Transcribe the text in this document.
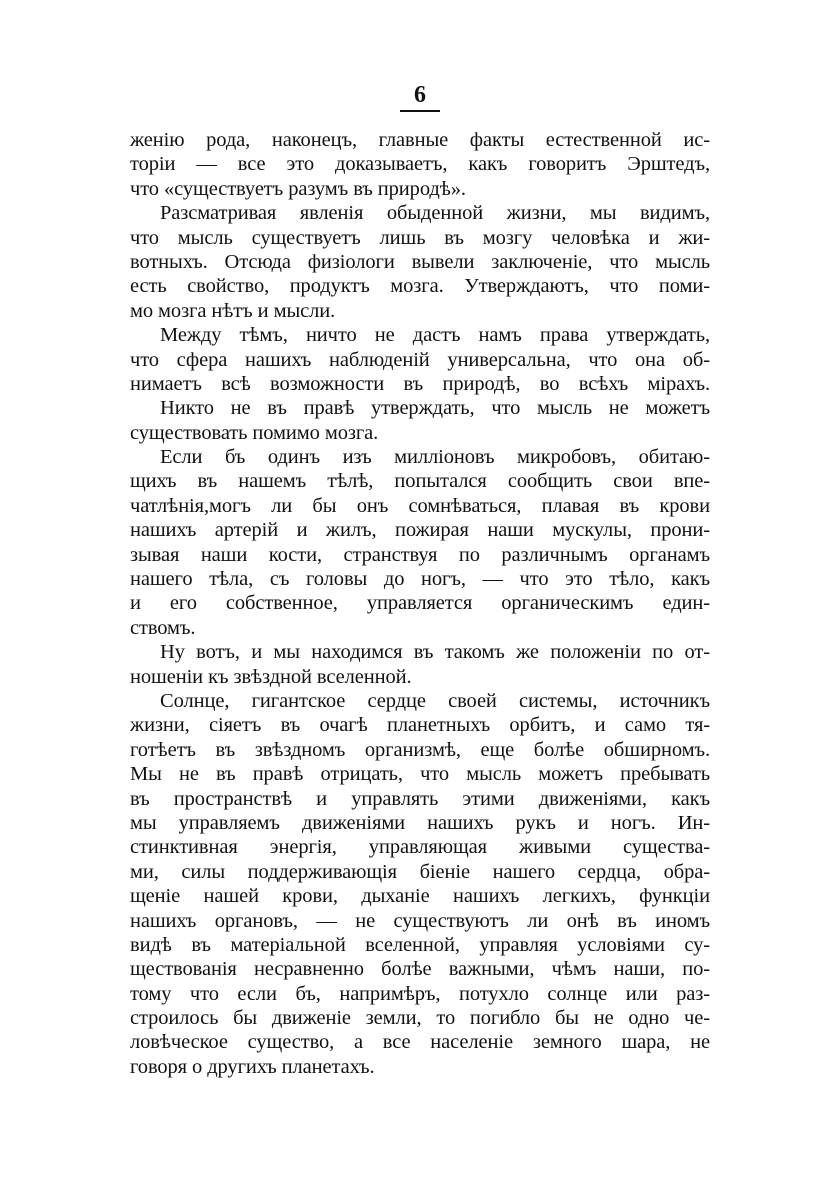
6
женію рода, наконецъ, главные факты естественной ис-
торіи — все это доказываетъ, какъ говоритъ Эрштедъ,
что «существуетъ разумъ въ природѣ».
Разсматривая явленія обыденной жизни, мы видимъ,
что мысль существуетъ лишь въ мозгу человѣка и жи-
вотныхъ. Отсюда физіологи вывели заключеніе, что мысль
есть свойство, продуктъ мозга. Утверждаютъ, что поми-
мо мозга нѣтъ и мысли.
Между тѣмъ, ничто не дастъ намъ права утверждать,
что сфера нашихъ наблюденій универсальна, что она об-
нимаетъ всѣ возможности въ природѣ, во всѣхъ мірахъ.
Никто не въ правѣ утверждать, что мысль не можетъ
существовать помимо мозга.
Если бъ одинъ изъ милліоновъ микробовъ, обитаю-
щихъ въ нашемъ тѣлѣ, попытался сообщить свои впе-
чатлѣнія,могъ ли бы онъ сомнѣваться, плавая въ крови
нашихъ артерій и жилъ, пожирая наши мускулы, прони-
зывая наши кости, странствуя по различнымъ органамъ
нашего тѣла, съ головы до ногъ, — что это тѣло, какъ
и его собственное, управляется органическимъ един-
ствомъ.
Ну вотъ, и мы находимся въ такомъ же положеніи по от-
ношеніи къ звѣздной вселенной.
Солнце, гигантское сердце своей системы, источникъ
жизни, сіяетъ въ очагѣ планетныхъ орбитъ, и само тя-
готѣетъ въ звѣздномъ организмѣ, еще болѣе обширномъ.
Мы не въ правѣ отрицать, что мысль можетъ пребывать
въ пространствѣ и управлять этими движеніями, какъ
мы управляемъ движеніями нашихъ рукъ и ногъ. Ин-
стинктивная энергія, управляющая живыми существа-
ми, силы поддерживающія біеніе нашего сердца, обра-
щеніе нашей крови, дыханіе нашихъ легкихъ, функціи
нашихъ органовъ, — не существуютъ ли онѣ въ иномъ
видѣ въ матеріальной вселенной, управляя условіями су-
ществованія несравненно болѣе важными, чѣмъ наши, по-
тому что если бъ, напримѣръ, потухло солнце или раз-
строилось бы движеніе земли, то погибло бы не одно че-
ловѣческое существо, а все населеніе земного шара, не
говоря о другихъ планетахъ.
